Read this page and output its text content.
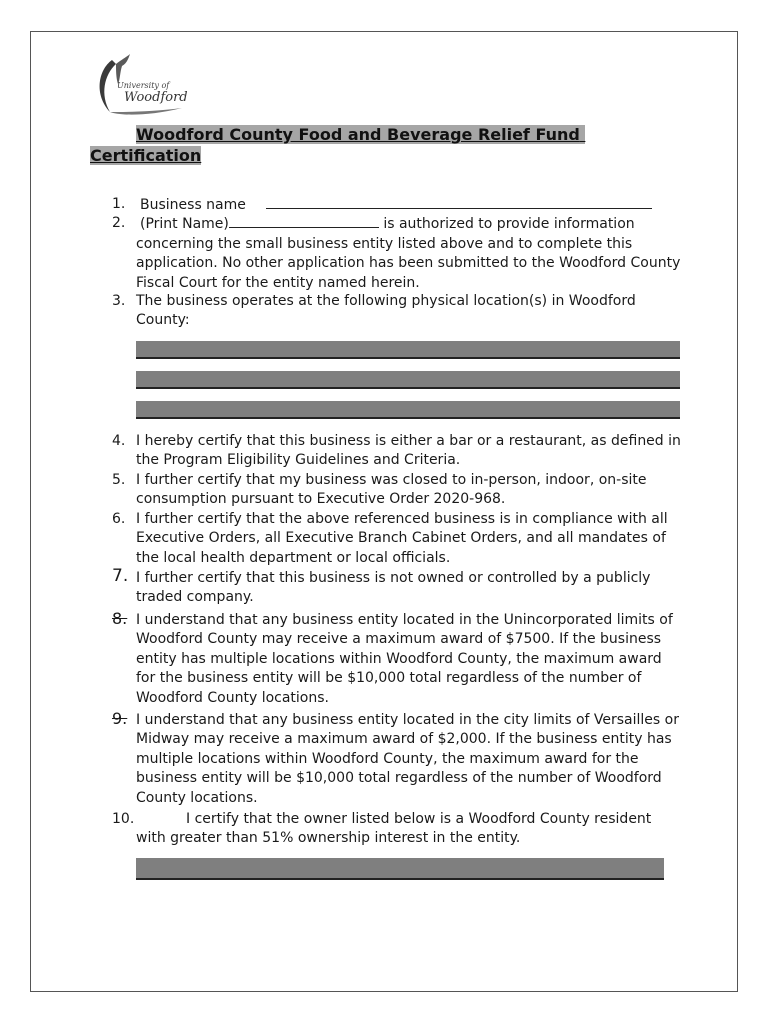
University of
Woodford
Woodford County Food and Beverage Relief Fund
Certification
1.	Business name
2.	(Print Name)	is authorized to provide information concerning the small business entity listed above and to complete this application. No other application has been submitted to the Woodford County Fiscal Court for the entity named herein.
3. The business operates at the following physical location(s) in Woodford County:
4. I hereby certify that this business is either a bar or a restaurant, as defined in the Program Eligibility Guidelines and Criteria.
5. I further certify that my business was closed to in-person, indoor, on-site consumption pursuant to Executive Order 2020-968.
6. I further certify that the above referenced business is in compliance with all Executive Orders, all Executive Branch Cabinet Orders, and all mandates of the local health department or local officials.
7. I further certify that this business is not owned or controlled by a publicly traded company.
8. I understand that any business entity located in the Unincorporated limits of Woodford County may receive a maximum award of $7500. If the business entity has multiple locations within Woodford County, the maximum award for the business entity will be $10,000 total regardless of the number of Woodford County locations.
9. I understand that any business entity located in the city limits of Versailles or Midway may receive a maximum award of $2,000. If the business entity has multiple locations within Woodford County, the maximum award for the business entity will be $10,000 total regardless of the number of Woodford County locations.
10.	I certify that the owner listed below is a Woodford County resident with greater than 51% ownership interest in the entity.
